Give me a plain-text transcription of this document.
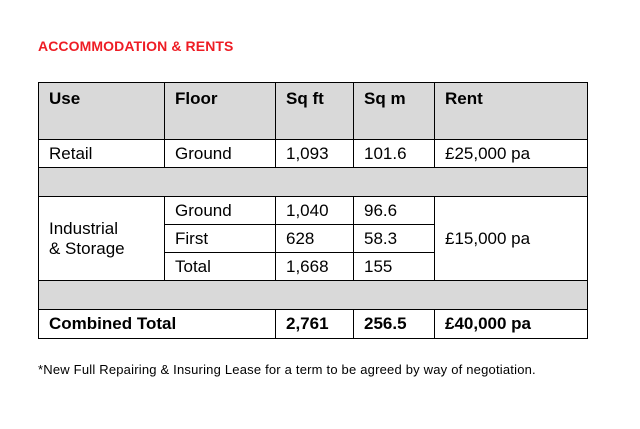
ACCOMMODATION & RENTS
Use	Floor	Sq ft	Sq m	Rent
Retail	Ground	1,093	101.6	£25,000 pa

Industrial
& Storage	Ground	1,040	96.6	£15,000 pa
	First	628	58.3	
	Total	1,668	155	

Combined Total		2,761	256.5	£40,000 pa
*New Full Repairing & Insuring Lease for a term to be agreed by way of negotiation.
